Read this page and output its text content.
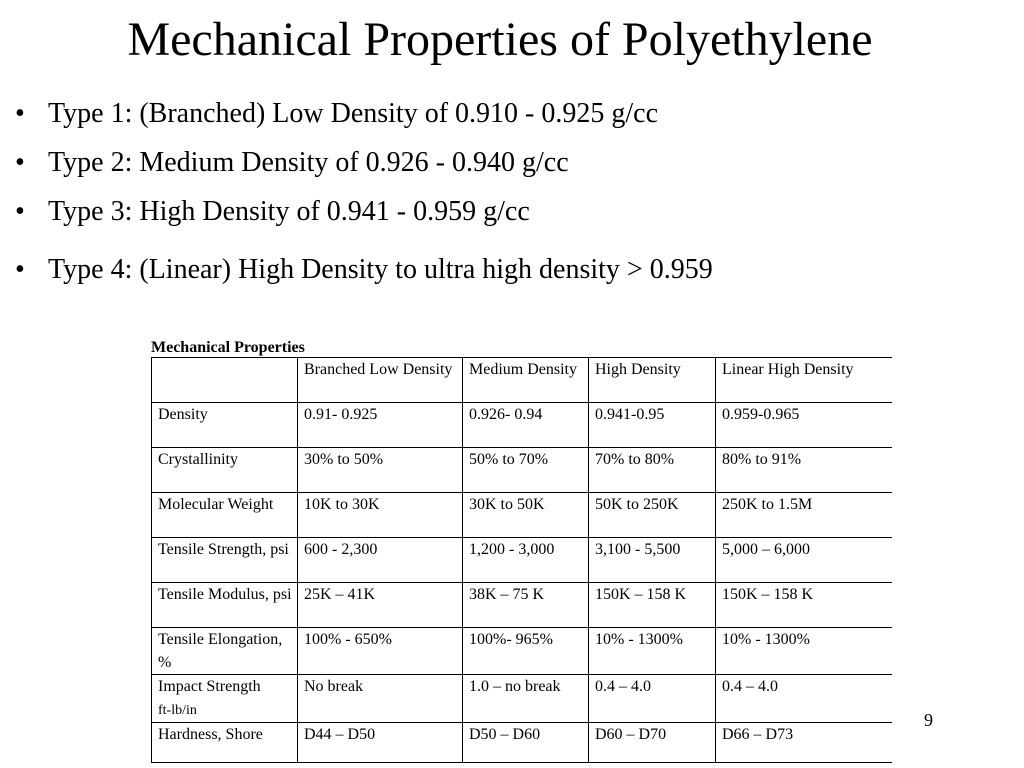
Mechanical Properties of Polyethylene
• Type 1: (Branched) Low Density of 0.910 - 0.925 g/cc
• Type 2: Medium Density of 0.926 - 0.940 g/cc
• Type 3: High Density of 0.941 - 0.959 g/cc
• Type 4: (Linear) High Density to ultra high density > 0.959
Mechanical Properties
	Branched Low Density	Medium Density	High Density	Linear High Density
Density	0.91- 0.925	0.926- 0.94	0.941-0.95	0.959-0.965
Crystallinity	30% to 50%	50% to 70%	70% to 80%	80% to 91%
Molecular Weight	10K to 30K	30K to 50K	50K to 250K	250K to 1.5M
Tensile Strength, psi	600 - 2,300	1,200 - 3,000	3,100 - 5,500	5,000 – 6,000
Tensile Modulus, psi	25K – 41K	38K – 75 K	150K – 158 K	150K – 158 K
Tensile Elongation, %	100% - 650%	100%- 965%	10% - 1300%	10% - 1300%
Impact Strength
ft-lb/in	No break	1.0 – no break	0.4 – 4.0	0.4 – 4.0
Hardness, Shore	D44 – D50	D50 – D60	D60 – D70	D66 – D73
9
